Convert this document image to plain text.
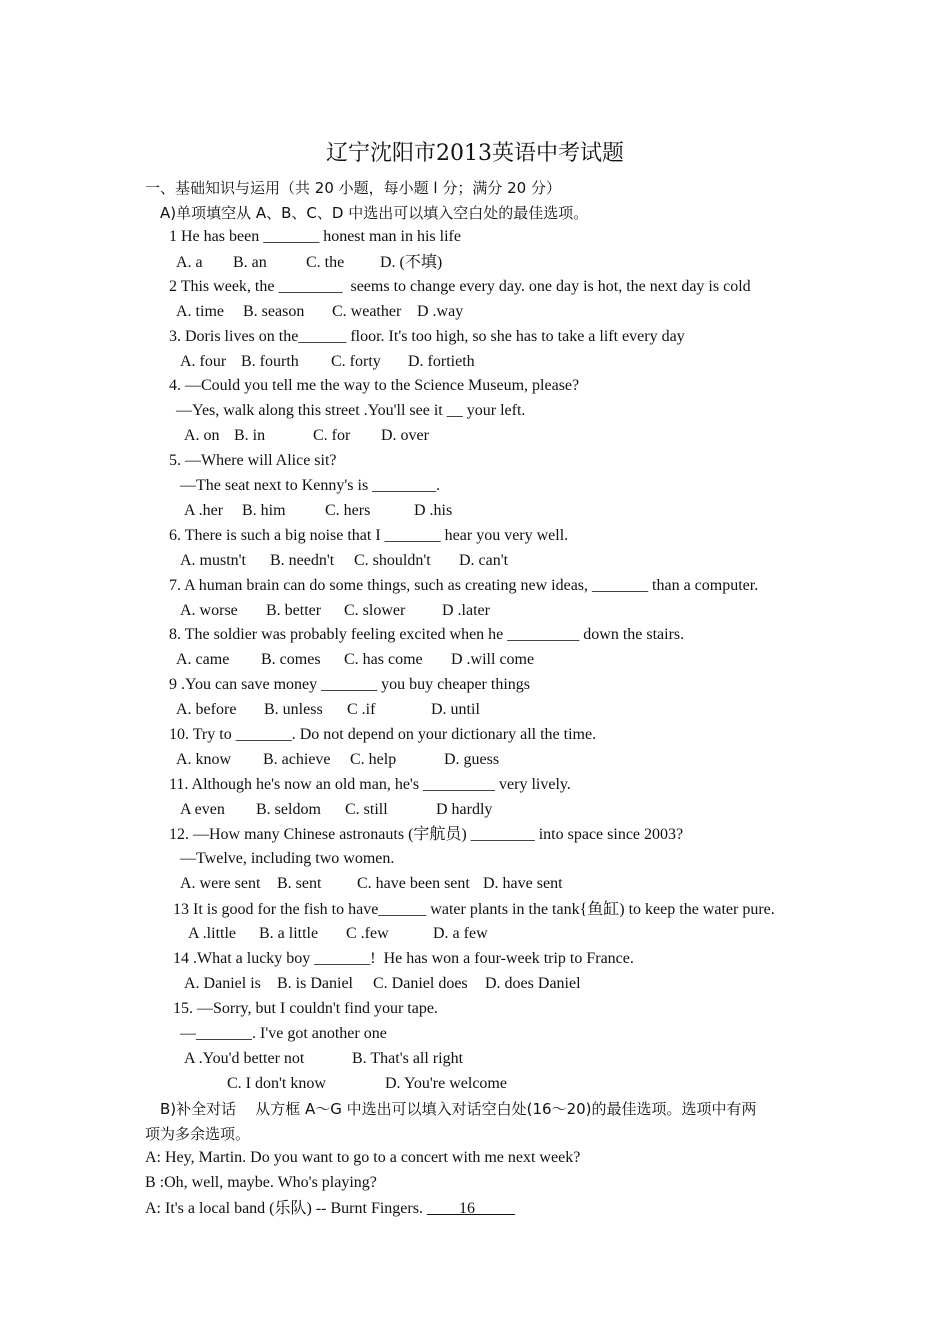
辽宁沈阳市2013英语中考试题
一、基础知识与运用（共 20 小题，每小题 l 分；满分 20 分）
A)单项填空从 A、B、C、D 中选出可以填入空白处的最佳选项。
1 He has been _______ honest man in his life
A. a B. an C. the D. (不填)
2 This week, the ________  seems to change every day. one day is hot, the next day is cold
A. time B. season C. weather D .way
3. Doris lives on the______ floor. It's too high, so she has to take a lift every day
A. four B. fourth C. forty D. fortieth
4. —Could you tell me the way to the Science Museum, please?
—Yes, walk along this street .You'll see it __ your left.
A. on B. in	C. for D. over
5. —Where will Alice sit?
—The seat next to Kenny's is ________.
A .her B. him C. hers	D .his
6. There is such a big noise that I _______ hear you very well.
A. mustn't B. needn't C. shouldn't D. can't
7. A human brain can do some things, such as creating new ideas, _______ than a computer.
A. worse B. better C. slower D .later
8. The soldier was probably feeling excited when he _________ down the stairs.
A. came B. comes C. has come D .will come
9 .You can save money _______ you buy cheaper things
A. before B. unless C .if	D. until
10. Try to _______. Do not depend on your dictionary all the time.
A. know B. achieve C. help	D. guess
11. Although he's now an old man, he's _________ very lively.
A even B. seldom C. still	D hardly
12. —How many Chinese astronauts (宇航员) ________ into space since 2003?
—Twelve, including two women.
A. were sent B. sent C. have been sent D. have sent
13 It is good for the fish to have______ water plants in the tank{鱼缸) to keep the water pure.
A .little B. a little C .few	D. a few
14 .What a lucky boy _______!  He has won a four-week trip to France.
A. Daniel is B. is Daniel C. Daniel does D. does Daniel
15. —Sorry, but I couldn't find your tape.
—_______. I've got another one
A .You'd better not	B. That's all right
C. I don't know	D. You're welcome
B)补全对话    从方框 A～G 中选出可以填入对话空白处(16～20)的最佳选项。选项中有两
项为多余选项。
A: Hey, Martin. Do you want to go to a concert with me next week?
B :Oh, well, maybe. Who's playing?
A: It's a local band (乐队) -- Burnt Fingers. ____16_____
